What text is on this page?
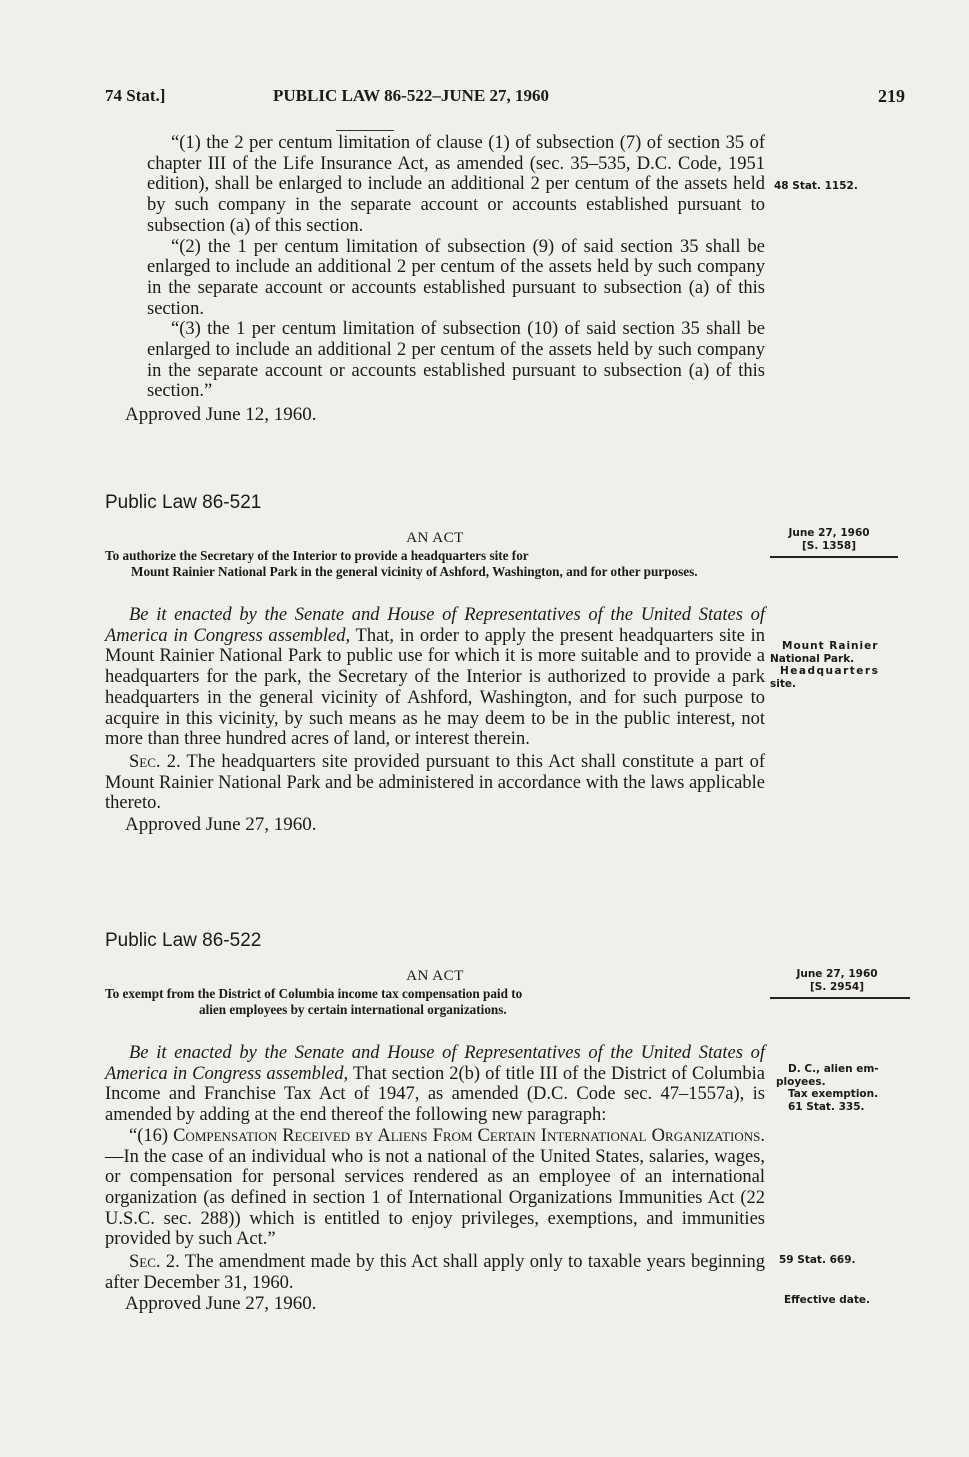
74 Stat.]	PUBLIC LAW 86-522–JUNE 27, 1960	219

“(1) the 2 per centum limitation of clause (1) of subsection (7) of section 35 of chapter III of the Life Insurance Act, as amended (sec. 35–535, D.C. Code, 1951 edition), shall be enlarged to include an additional 2 per centum of the assets held by such company in the separate account or accounts established pursuant to subsection (a) of this section.

“(2) the 1 per centum limitation of subsection (9) of said section 35 shall be enlarged to include an additional 2 per centum of the assets held by such company in the separate account or accounts established pursuant to subsection (a) of this section.

“(3) the 1 per centum limitation of subsection (10) of said section 35 shall be enlarged to include an additional 2 per centum of the assets held by such company in the separate account or accounts established pursuant to subsection (a) of this section.”

Approved June 12, 1960.

Public Law 86-521

AN ACT

To authorize the Secretary of the Interior to provide a headquarters site for
Mount Rainier National Park in the general vicinity of Ashford, Washington, and for other purposes.

Be it enacted by the Senate and House of Representatives of the United States of America in Congress assembled, That, in order to apply the present headquarters site in Mount Rainier National Park to public use for which it is more suitable and to provide a headquarters for the park, the Secretary of the Interior is authorized to provide a park headquarters in the general vicinity of Ashford, Washington, and for such purpose to acquire in this vicinity, by such means as he may deem to be in the public interest, not more than three hundred acres of land, or interest therein.

Sec. 2. The headquarters site provided pursuant to this Act shall constitute a part of Mount Rainier National Park and be administered in accordance with the laws applicable thereto.

Approved June 27, 1960.

Public Law 86-522

AN ACT

To exempt from the District of Columbia income tax compensation paid to
alien employees by certain international organizations.

Be it enacted by the Senate and House of Representatives of the United States of America in Congress assembled, That section 2(b) of title III of the District of Columbia Income and Franchise Tax Act of 1947, as amended (D.C. Code sec. 47–1557a), is amended by adding at the end thereof the following new paragraph:

“(16) Compensation Received by Aliens From Certain International Organizations.—In the case of an individual who is not a national of the United States, salaries, wages, or compensation for personal services rendered as an employee of an international organization (as defined in section 1 of International Organizations Immunities Act (22 U.S.C. sec. 288)) which is entitled to enjoy privileges, exemptions, and immunities provided by such Act.”

Sec. 2. The amendment made by this Act shall apply only to taxable years beginning after December 31, 1960.

Approved June 27, 1960.

48 Stat. 1152.
June 27, 1960
[S. 1358]
Mount Rainier
National Park.
Headquarters
site.
June 27, 1960
[S. 2954]
D. C., alien em-
ployees.
Tax exemption.
61 Stat. 335.
59 Stat. 669.
Effective date.
